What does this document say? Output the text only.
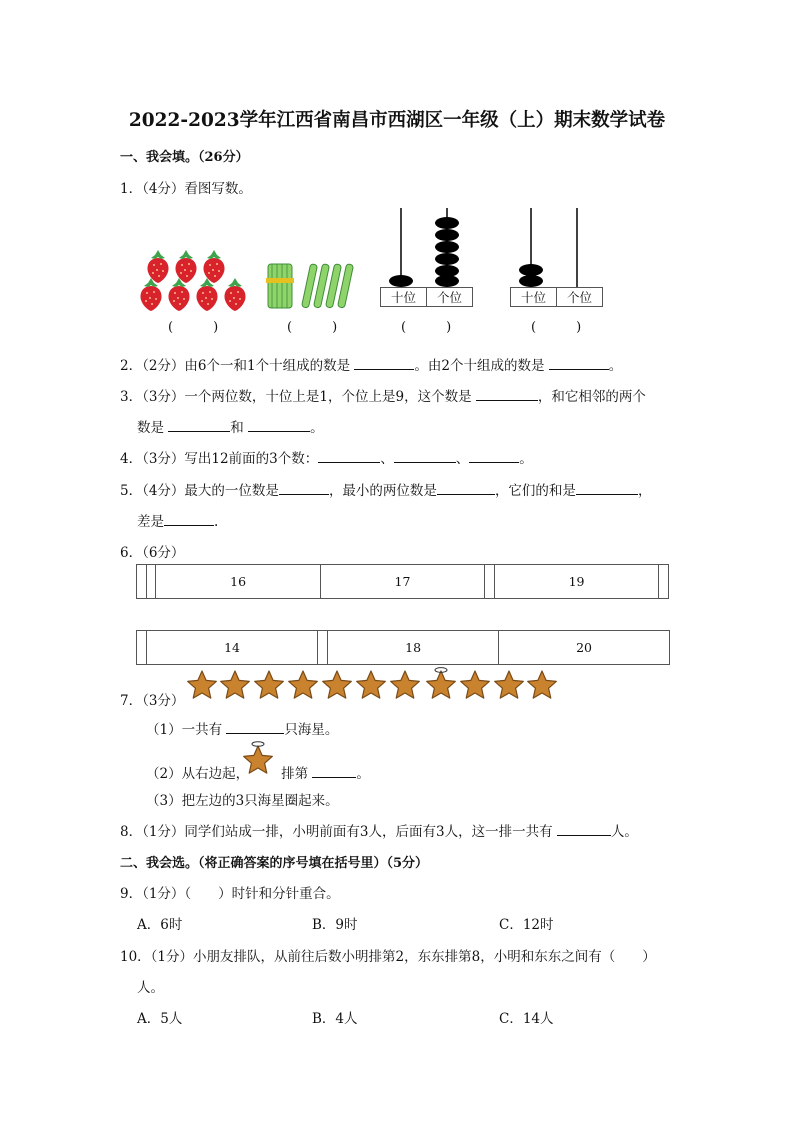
2022-2023学年江西省南昌市西湖区一年级（上）期末数学试卷
一、我会填。（26分）
1．（4分）看图写数。
十位	个位	十位	个位
(	)	(	)	(	)	(	)
2．（2分）由6个一和1个十组成的数是	。由2个十组成的数是	。
3．（3分）一个两位数，十位上是1，个位上是9，这个数是	，和它相邻的两个
数是	和	。
4．（3分）写出12前面的3个数：	、	、	。
5．（4分）最大的一位数是	，最小的两位数是	，它们的和是	，
差是	.
6．（6分）
		16	17		19	
	14		18	20
7．（3分）
（1）一共有	只海星。
（2）从右边起， 排第	。
（3）把左边的3只海星圈起来。
8．（1分）同学们站成一排，小明前面有3人，后面有3人，这一排一共有	人。
二、我会选。（将正确答案的序号填在括号里）（5分）
9．（1分）（　　）时针和分针重合。
A．6时	B．9时	C．12时
10．（1分）小朋友排队，从前往后数小明排第2，东东排第8，小明和东东之间有（　　）
人。
A．5人	B．4人	C．14人
